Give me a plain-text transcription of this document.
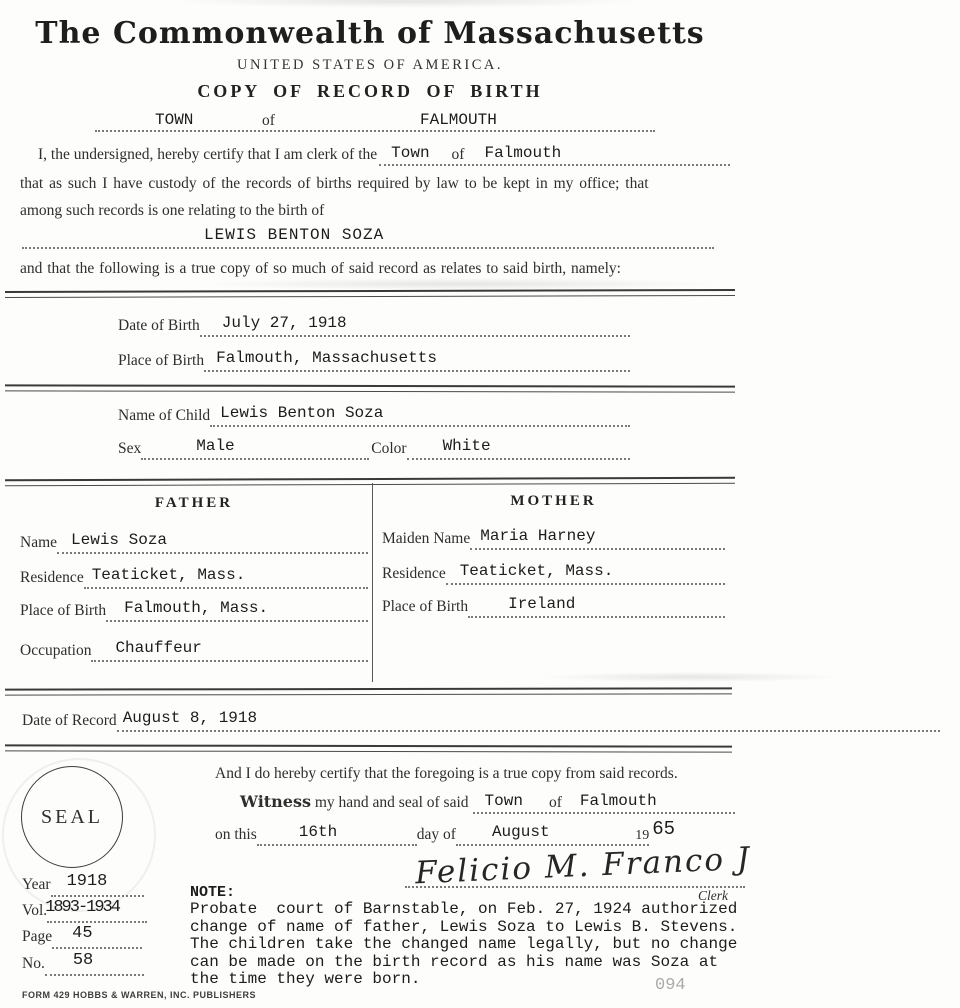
The Commonwealth of Massachusetts
UNITED STATES OF AMERICA.
COPY OF RECORD OF BIRTH
TOWN	of	FALMOUTH
I, the undersigned, hereby certify that I am clerk of the Town of Falmouth
that as such I have custody of the records of births required by law to be kept in my office; that
among such records is one relating to the birth of
LEWIS BENTON SOZA
and that the following is a true copy of so much of said record as relates to said birth, namely:
Date of Birth	July 27, 1918
Place of Birth Falmouth, Massachusetts
Name of Child Lewis Benton Soza
Sex	Male	Color	White
FATHER
Name Lewis Soza
Residence Teaticket, Mass.
Place of Birth	Falmouth, Mass.
Occupation	Chauffeur
MOTHER
Maiden Name Maria Harney
Residence Teaticket, Mass.
Place of Birth	Ireland
Date of Record August 8, 1918
SEAL
And I do hereby certify that the foregoing is a true copy from said records.
Witness my hand and seal of said Town of Falmouth
on this	16th	day of August	19 65
Felicio M. Franco J
Clerk
Year 1918
Vol.
1893-1934
Page	45
No.	58
NOTE:
Probate  court of Barnstable, on Feb. 27, 1924 authorized
change of name of father, Lewis Soza to Lewis B. Stevens.
The children take the changed name legally, but no change
can be made on the birth record as his name was Soza at
the time they were born.
FORM 429 HOBBS & WARREN, INC. PUBLISHERS	094
